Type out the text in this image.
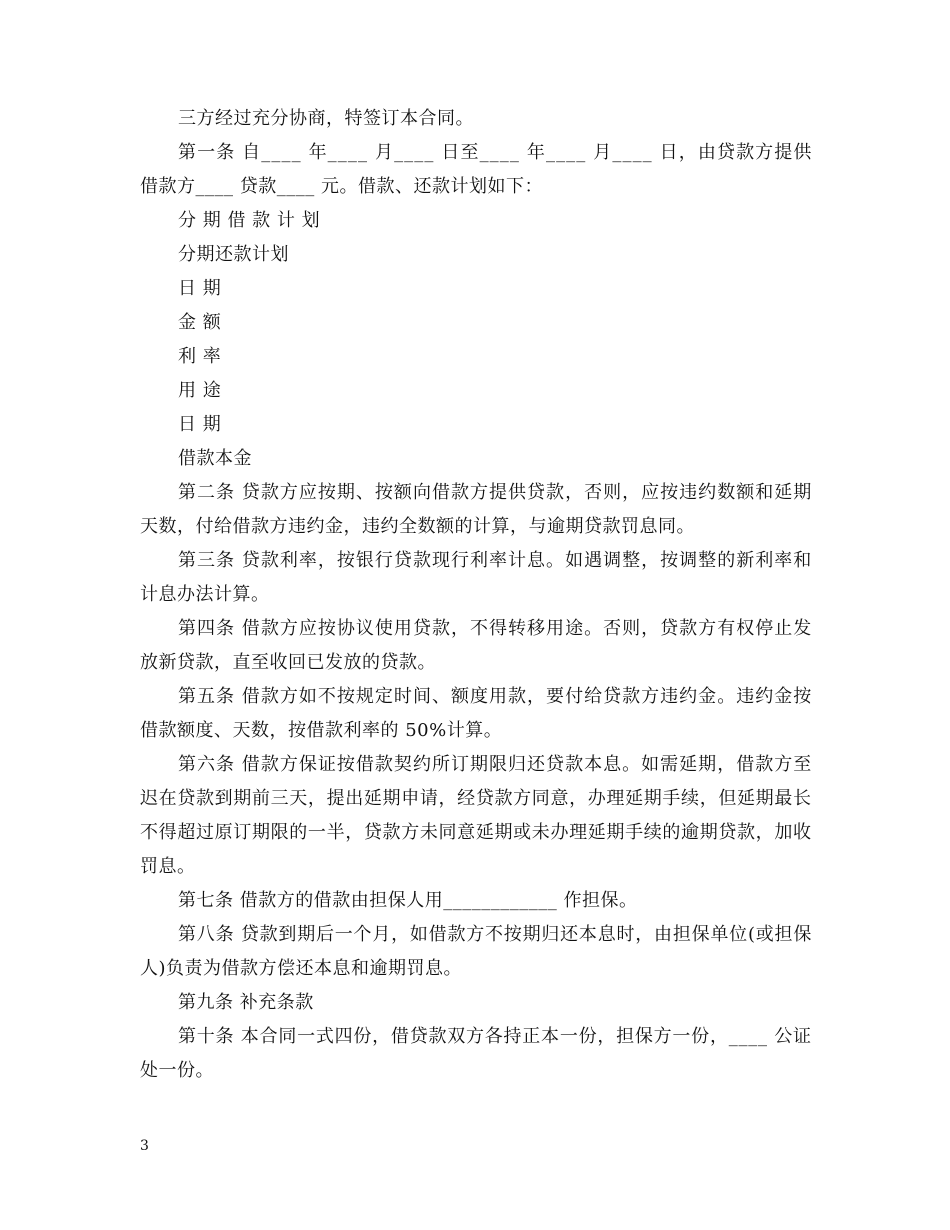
三方经过充分协商，特签订本合同。
第 一 条
自 _ _ _ _
年 _ _ _ _
月 _ _ _ _
日 至 _ _ _ _
年 _ _ _ _
月 _ _ _ _
日 ， 由 贷 款 方 提 供
借款方____ 贷款____ 元。借款、还款计划如下：
分 期 借 款 计 划
分期还款计划
日 期
金 额
利 率
用 途
日 期
借款本金
第 二 条
贷 款 方 应 按 期 、 按 额 向 借 款 方 提 供 贷 款 ， 否 则 ， 应 按 违 约 数 额 和 延 期
天数，付给借款方违约金，违约全数额的计算，与逾期贷款罚息同。
第 三 条
贷 款 利 率 ， 按 银 行 贷 款 现 行 利 率 计 息 。 如 遇 调 整 ， 按 调 整 的 新 利 率 和
计息办法计算。
第 四 条
借 款 方 应 按 协 议 使 用 贷 款 ， 不 得 转 移 用 途 。 否 则 ， 贷 款 方 有 权 停 止 发
放新贷款，直至收回已发放的贷款。
第 五 条
借 款 方 如 不 按 规 定 时 间 、 额 度 用 款 ， 要 付 给 贷 款 方 违 约 金 。 违 约 金 按
借款额度、天数，按借款利率的 50%计算。
第 六 条
借 款 方 保 证 按 借 款 契 约 所 订 期 限 归 还 贷 款 本 息 。 如 需 延 期 ， 借 款 方 至
迟 在 贷 款 到 期 前 三 天 ， 提 出 延 期 申 请 ， 经 贷 款 方 同 意 ， 办 理 延 期 手 续 ， 但 延 期 最 长
不 得 超 过 原 订 期 限 的 一 半 ， 贷 款 方 未 同 意 延 期 或 未 办 理 延 期 手 续 的 逾 期 贷 款 ， 加 收
罚息。
第七条 借款方的借款由担保人用____________ 作担保。
第 八 条
贷 款 到 期 后 一 个 月 ， 如 借 款 方 不 按 期 归 还 本 息 时 ， 由 担 保 单 位 ( 或 担 保
人)负责为借款方偿还本息和逾期罚息。
第九条 补充条款
第 十 条
本 合 同 一 式 四 份 ， 借 贷 款 双 方 各 持 正 本 一 份 ， 担 保 方 一 份 ， _ _ _ _
公 证
处一份。
3
